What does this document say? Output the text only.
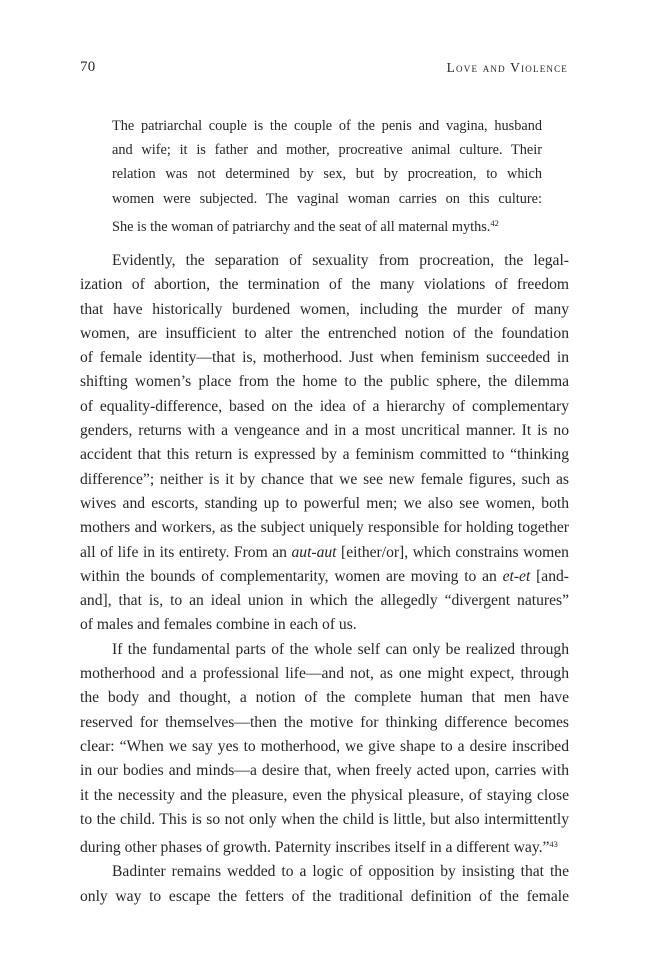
70	Love and Violence
The patriarchal couple is the couple of the penis and vagina, husband
and wife; it is father and mother, procreative animal culture. Their
relation was not determined by sex, but by procreation, to which
women were subjected. The vaginal woman carries on this culture:
She is the woman of patriarchy and the seat of all maternal myths.$^{42}$
Evidently, the separation of sexuality from procreation, the legal-
ization of abortion, the termination of the many violations of freedom
that have historically burdened women, including the murder of many
women, are insufficient to alter the entrenched notion of the foundation
of female identity—that is, motherhood. Just when feminism succeeded in
shifting women’s place from the home to the public sphere, the dilemma
of equality-difference, based on the idea of a hierarchy of complementary
genders, returns with a vengeance and in a most uncritical manner. It is no
accident that this return is expressed by a feminism committed to “thinking
difference”; neither is it by chance that we see new female figures, such as
wives and escorts, standing up to powerful men; we also see women, both
mothers and workers, as the subject uniquely responsible for holding together
all of life in its entirety. From an aut-aut [either/or], which constrains women
within the bounds of complementarity, women are moving to an et-et [and-
and], that is, to an ideal union in which the allegedly “divergent natures”
of males and females combine in each of us.
If the fundamental parts of the whole self can only be realized through
motherhood and a professional life—and not, as one might expect, through
the body and thought, a notion of the complete human that men have
reserved for themselves—then the motive for thinking difference becomes
clear: “When we say yes to motherhood, we give shape to a desire inscribed
in our bodies and minds—a desire that, when freely acted upon, carries with
it the necessity and the pleasure, even the physical pleasure, of staying close
to the child. This is so not only when the child is little, but also intermittently
during other phases of growth. Paternity inscribes itself in a different way.”$^{43}$
Badinter remains wedded to a logic of opposition by insisting that the
only way to escape the fetters of the traditional definition of the female
